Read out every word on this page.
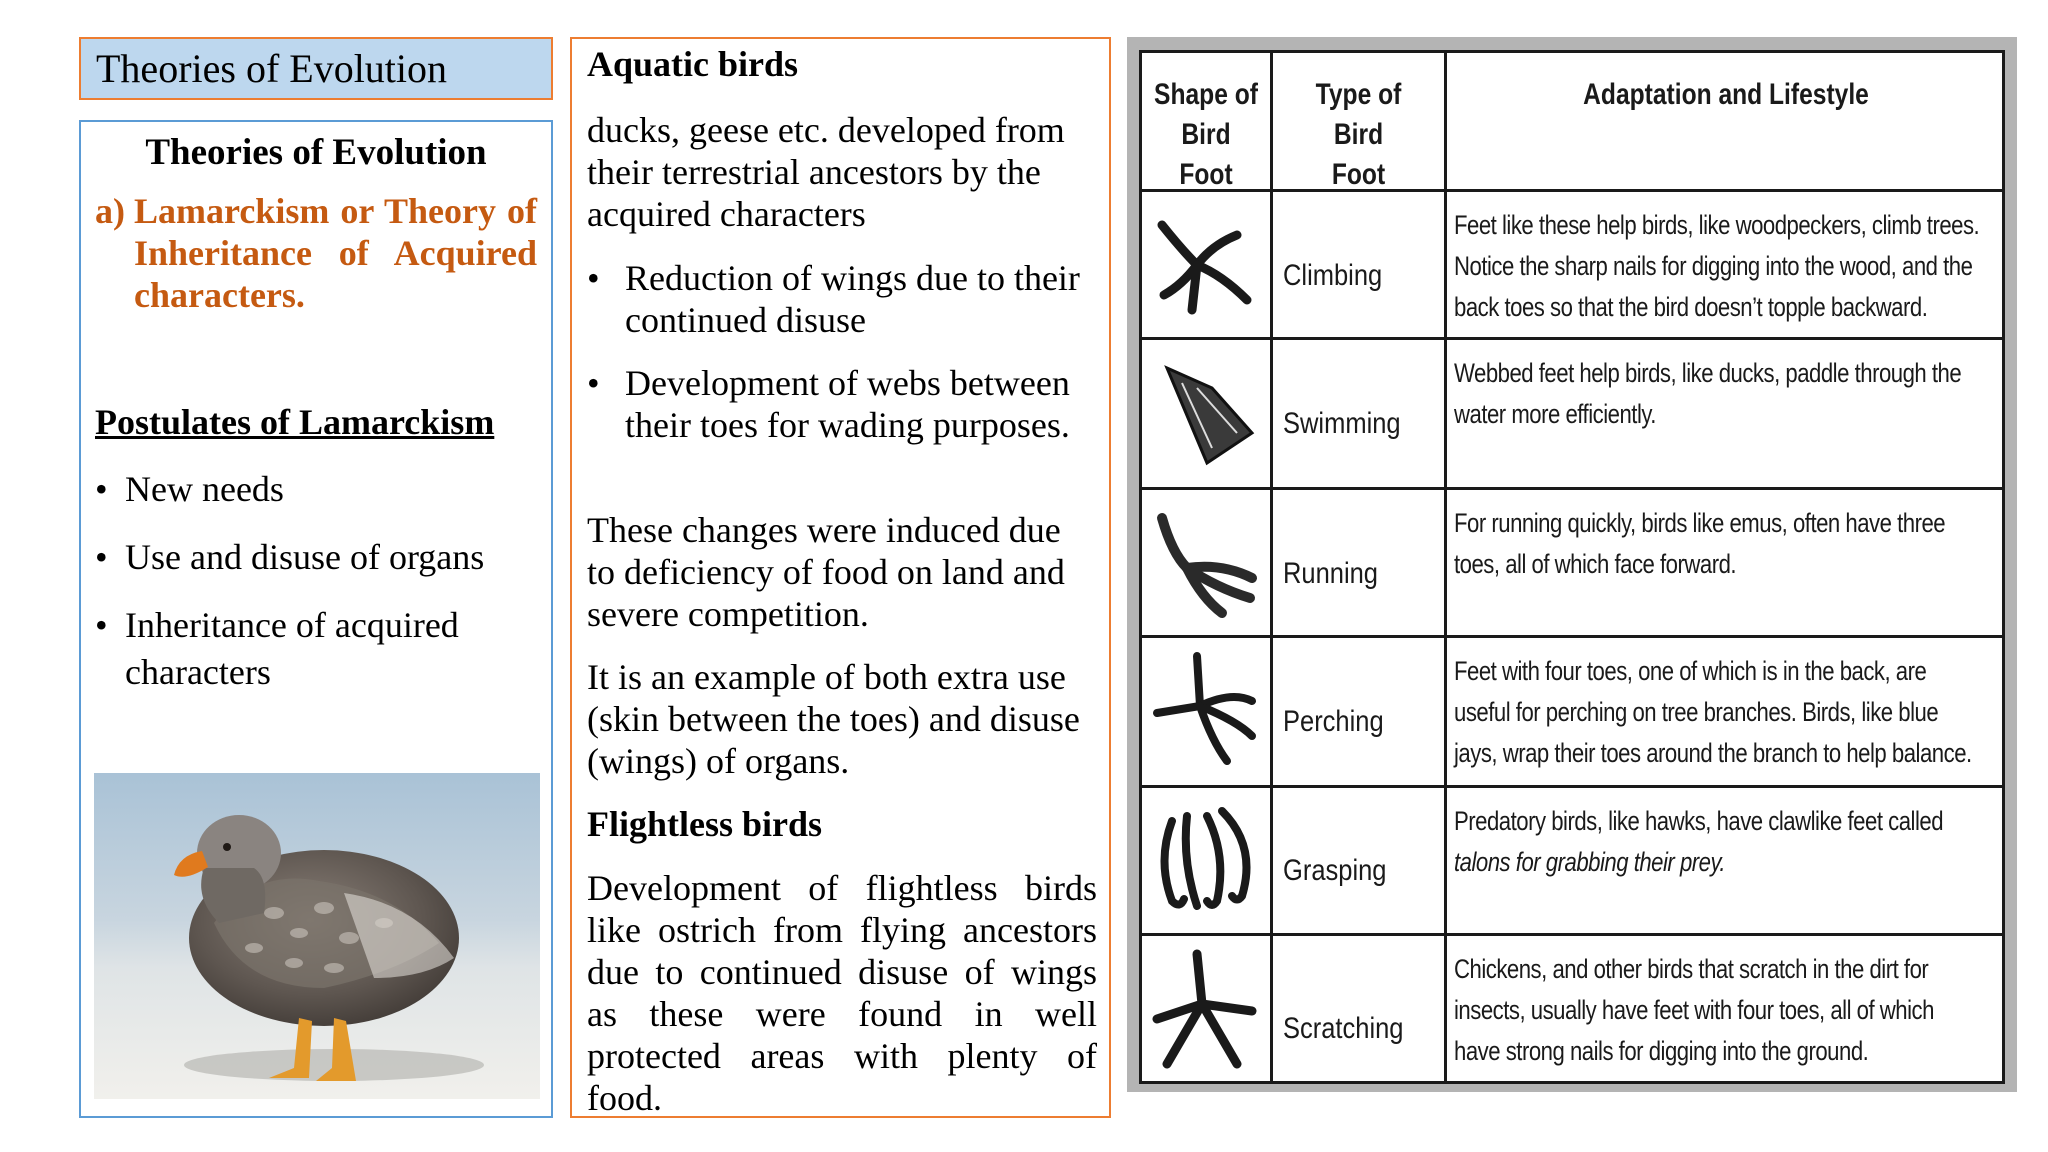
Theories of Evolution
Theories of Evolution
a) Lamarckism or Theory of Inheritance of Acquired characters.
Postulates of Lamarckism
• New needs
• Use and disuse of organs
• Inheritance of acquired characters
Aquatic birds
ducks, geese etc. developed from their terrestrial ancestors by the acquired characters
• Reduction of wings due to their continued disuse
• Development of webs between their toes for wading purposes.
These changes were induced due to deficiency of food on land and severe competition.
It is an example of both extra use (skin between the toes) and disuse (wings) of organs.
Flightless birds
Development of flightless birds like ostrich from flying ancestors due to continued disuse of wings as these were found in well protected areas with plenty of food.
Shape of
Bird Foot
Type of Bird
Foot
Adaptation and Lifestyle
Climbing
Feet like these help birds, like woodpeckers, climb trees.
Notice the sharp nails for digging into the wood, and the
back toes so that the bird doesn’t topple backward.
Swimming
Webbed feet help birds, like ducks, paddle through the
water more efficiently.
Running
For running quickly, birds like emus, often have three
toes, all of which face forward.
Perching
Feet with four toes, one of which is in the back, are
useful for perching on tree branches. Birds, like blue
jays, wrap their toes around the branch to help balance.
Grasping
Predatory birds, like hawks, have clawlike feet called
talons for grabbing their prey.
Scratching
Chickens, and other birds that scratch in the dirt for
insects, usually have feet with four toes, all of which
have strong nails for digging into the ground.
